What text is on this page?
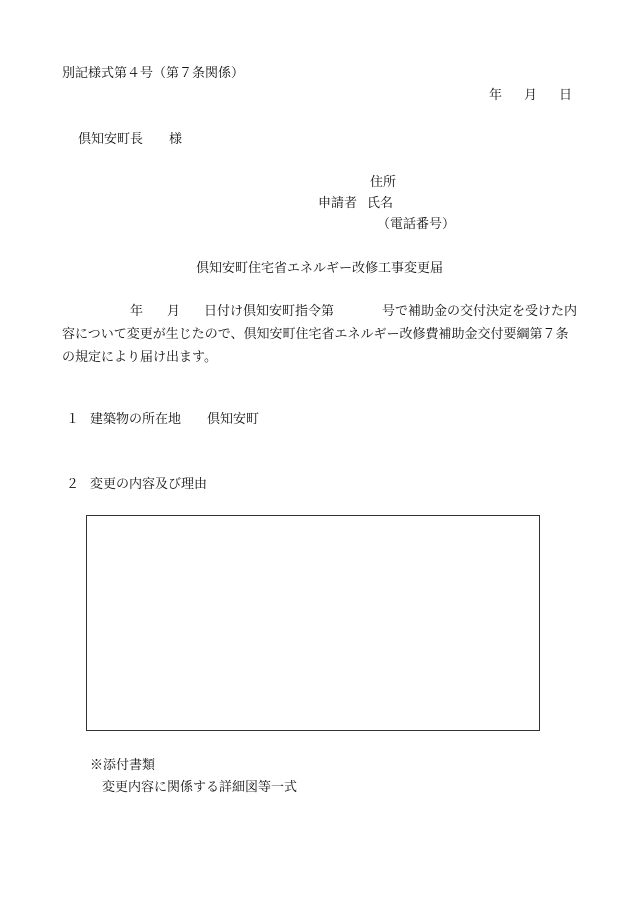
別記様式第４号（第７条関係）
年 月 日
倶知安町長 様
住所
申請者 氏名
（電話番号）
倶知安町住宅省エネルギー改修工事変更届
年 月 日付け倶知安町指令第	号で補助金の交付決定を受けた内
容について変更が生じたので、倶知安町住宅省エネルギー改修費補助金交付要綱第７条
の規定により届け出ます。
１ 建築物の所在地 倶知安町
２ 変更の内容及び理由
※添付書類
変更内容に関係する詳細図等一式
